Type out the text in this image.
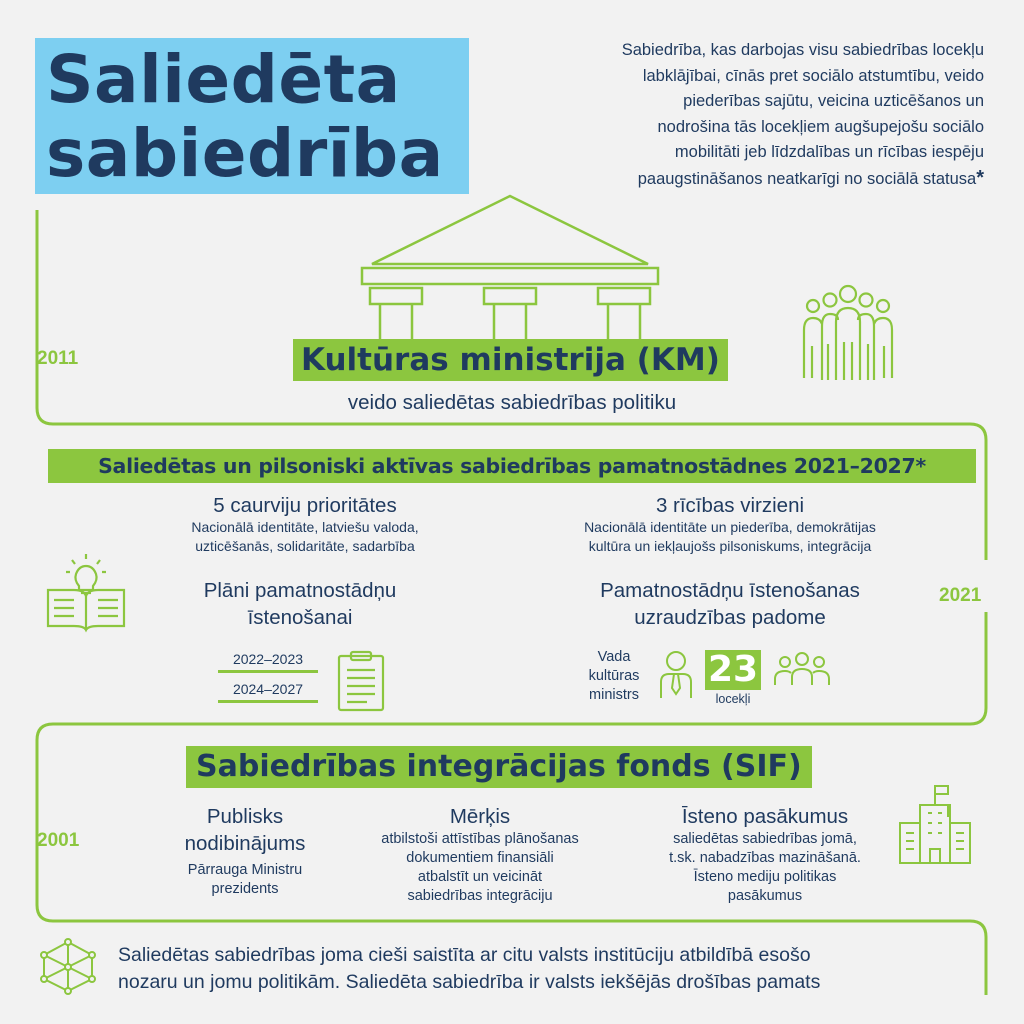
Saliedēta
sabiedrība
Sabiedrība, kas darbojas visu sabiedrības locekļu
labklājībai, cīnās pret sociālo atstumtību, veido
piederības sajūtu, veicina uzticēšanos un
nodrošina tās locekļiem augšupejošu sociālo
mobilitāti jeb līdzdalības un rīcības iespēju
paaugstināšanos neatkarīgi no sociālā statusa*
2011	Kultūras ministrija (KM)
veido saliedētas sabiedrības politiku
Saliedētas un pilsoniski aktīvas sabiedrības pamatnostādnes 2021–2027*
5 caurviju prioritātes
Nacionālā identitāte, latviešu valoda,
uzticēšanās, solidaritāte, sadarbība
3 rīcības virzieni
Nacionālā identitāte un piederība, demokrātijas
kultūra un iekļaujošs pilsoniskums, integrācija
Plāni pamatnostādņu
īstenošanai
2022–2023
2024–2027
Pamatnostādņu īstenošanas
uzraudzības padome
2021
Vada
kultūras
ministrs
23
locekļi
Sabiedrības integrācijas fonds (SIF)
2001
Publisks
nodibinājums
Pārrauga Ministru
prezidents
Mērķis
atbilstoši attīstības plānošanas
dokumentiem finansiāli
atbalstīt un veicināt
sabiedrības integrāciju
Īsteno pasākumus
saliedētas sabiedrības jomā,
t.sk. nabadzības mazināšanā.
Īsteno mediju politikas
pasākumus
Saliedētas sabiedrības joma cieši saistīta ar citu valsts institūciju atbildībā esošo
nozaru un jomu politikām. Saliedēta sabiedrība ir valsts iekšējās drošības pamats
